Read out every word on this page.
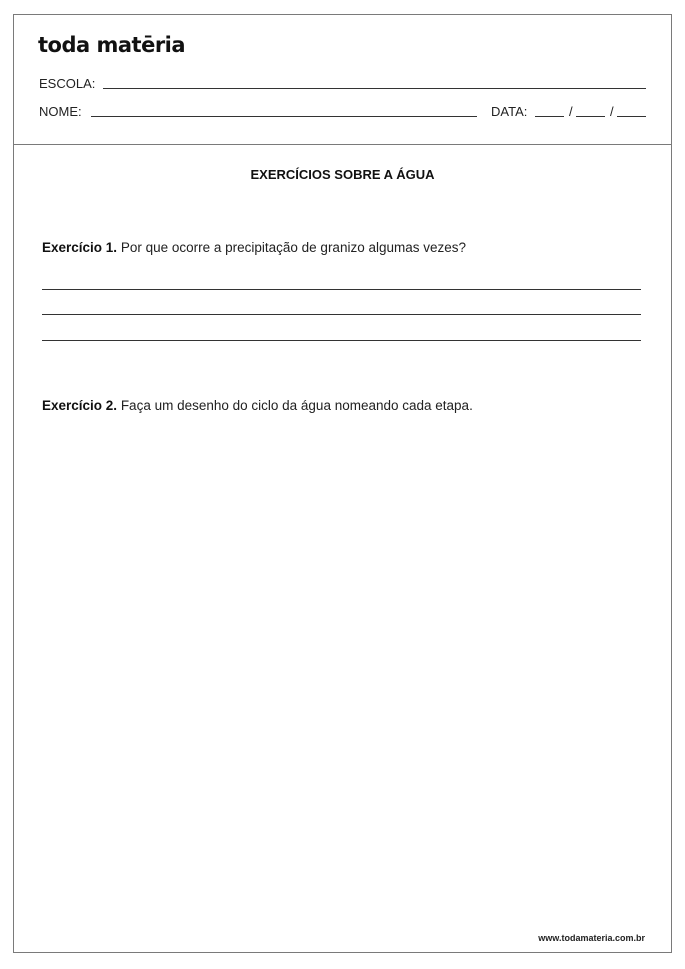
toda matēria
ESCOLA:
NOME:	DATA:	/	/
EXERCÍCIOS SOBRE A ÁGUA
Exercício 1. Por que ocorre a precipitação de granizo algumas vezes?
Exercício 2. Faça um desenho do ciclo da água nomeando cada etapa.
www.todamateria.com.br
